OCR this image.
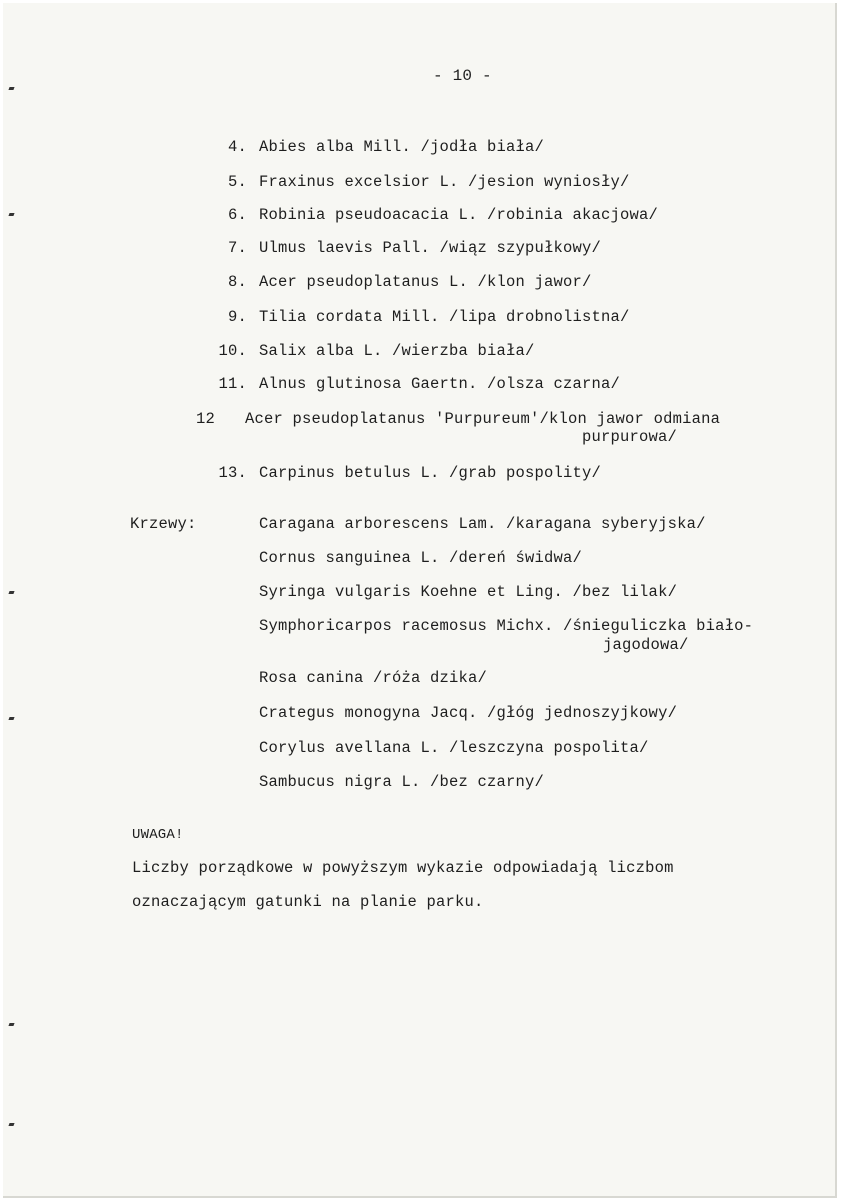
- 10 -
4. Abies alba Mill. /jodła biała/
5. Fraxinus excelsior L. /jesion wyniosły/
6. Robinia pseudoacacia L. /robinia akacjowa/
7. Ulmus laevis Pall. /wiąz szypułkowy/
8. Acer pseudoplatanus L. /klon jawor/
9. Tilia cordata Mill. /lipa drobnolistna/
10. Salix alba L. /wierzba biała/
11. Alnus glutinosa Gaertn. /olsza czarna/
12	Acer pseudoplatanus 'Purpureum'/klon jawor odmiana
purpurowa/
13. Carpinus betulus L. /grab pospolity/
Krzewy:	Caragana arborescens Lam. /karagana syberyjska/
Cornus sanguinea L. /dereń świdwa/
Syringa vulgaris Koehne et Ling. /bez lilak/
Symphoricarpos racemosus Michx. /śnieguliczka biało-
jagodowa/
Rosa canina /róża dzika/
Crategus monogyna Jacq. /głóg jednoszyjkowy/
Corylus avellana L. /leszczyna pospolita/
Sambucus nigra L. /bez czarny/
UWAGA!
Liczby porządkowe w powyższym wykazie odpowiadają liczbom
oznaczającym gatunki na planie parku.
